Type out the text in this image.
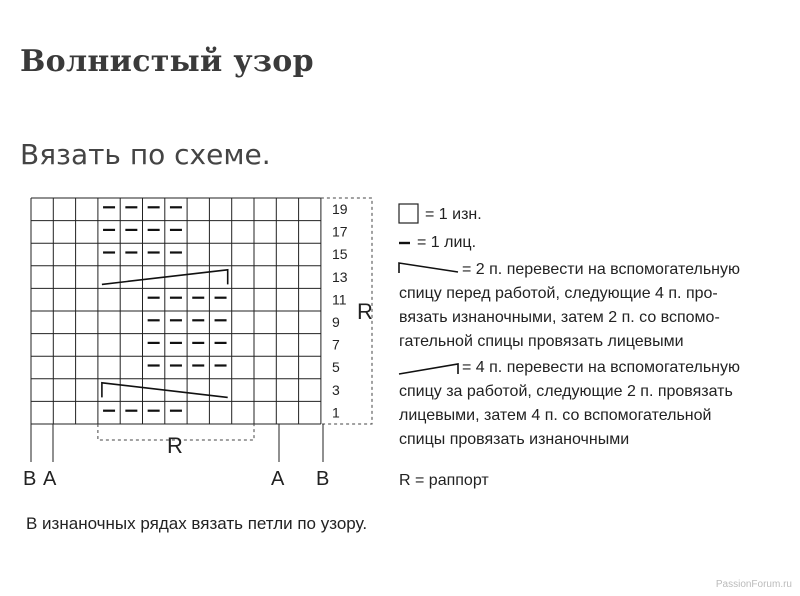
Волнистый узор
Вязать по схеме.
19
17
15
13
11
9
7
5
3
1
R
R
B A	A B
= 1 изн.
= 1 лиц.
= 2 п. перевести на вспомогательную
спицу перед работой, следующие 4 п. про-
вязать изнаночными, затем 2 п. со вспомо-
гательной спицы провязать лицевыми
= 4 п. перевести на вспомогательную
спицу за работой, следующие 2 п. провязать
лицевыми, затем 4 п. со вспомогательной
спицы провязать изнаночными
R = раппорт
В изнаночных рядах вязать петли по узору.
PassionForum.ru
